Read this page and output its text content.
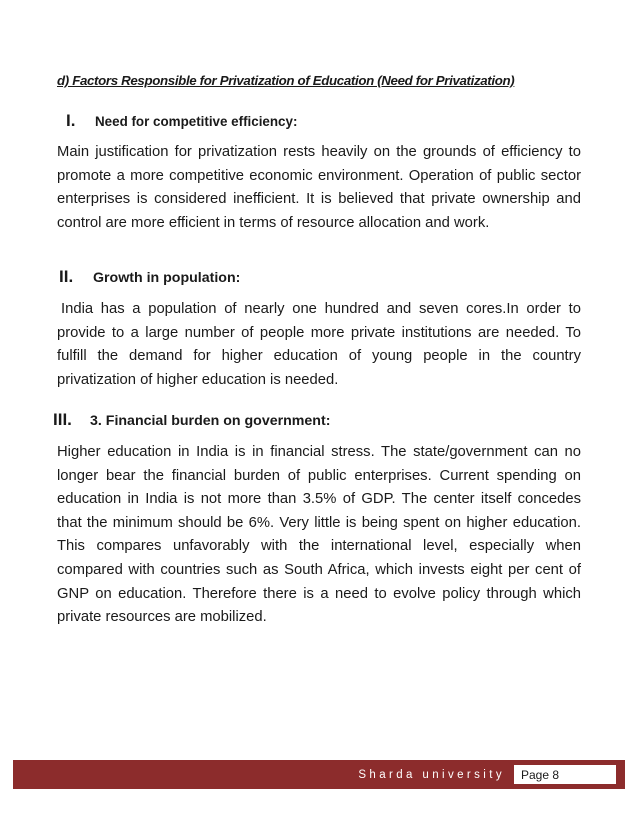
d) Factors Responsible for Privatization of Education (Need for Privatization)
I. Need for competitive efficiency:

Main justification for privatization rests heavily on the grounds of efficiency to promote a more competitive economic environment. Operation of public sector enterprises is considered inefficient. It is believed that private ownership and control are more efficient in terms of resource allocation and work.

II. Growth in population:

India has a population of nearly one hundred and seven cores.In order to provide to a large number of people more private institutions are needed. To fulfill the demand for higher education of young people in the country privatization of higher education is needed.

III. 3. Financial burden on government:

Higher education in India is in financial stress. The state/government can no longer bear the financial burden of public enterprises. Current spending on education in India is not more than 3.5% of GDP. The center itself concedes that the minimum should be 6%. Very little is being spent on higher education. This compares unfavorably with the international level, especially when compared with countries such as South Africa, which invests eight per cent of GNP on education. Therefore there is a need to evolve policy through which private resources are mobilized.

Sharda university Page 8
